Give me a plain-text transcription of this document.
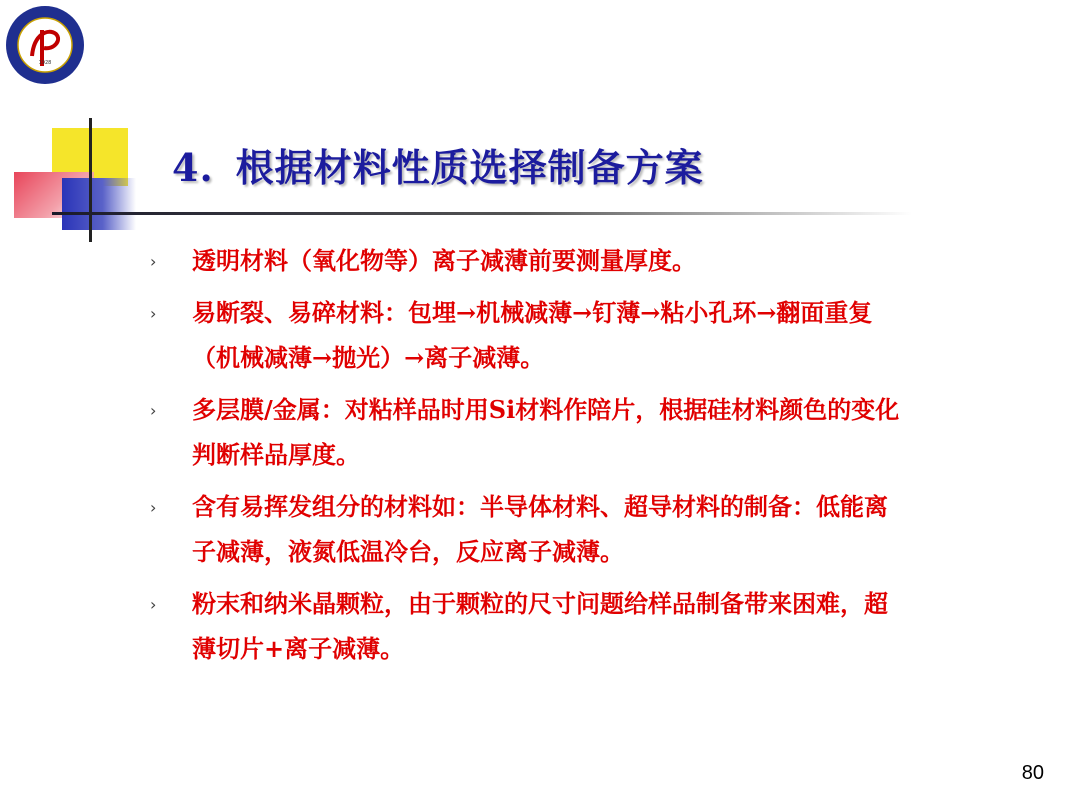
1928
4. 根据材料性质选择制备方案
› 透明材料（氧化物等）离子减薄前要测量厚度。
› 易断裂、易碎材料：包埋→机械减薄→钉薄→粘小孔环→翻面重复（机械减薄→抛光）→离子减薄。
› 多层膜/金属：对粘样品时用Si材料作陪片，根据硅材料颜色的变化判断样品厚度。
› 含有易挥发组分的材料如：半导体材料、超导材料的制备：低能离子减薄，液氮低温冷台，反应离子减薄。
› 粉末和纳米晶颗粒，由于颗粒的尺寸问题给样品制备带来困难，超薄切片+离子减薄。
80
